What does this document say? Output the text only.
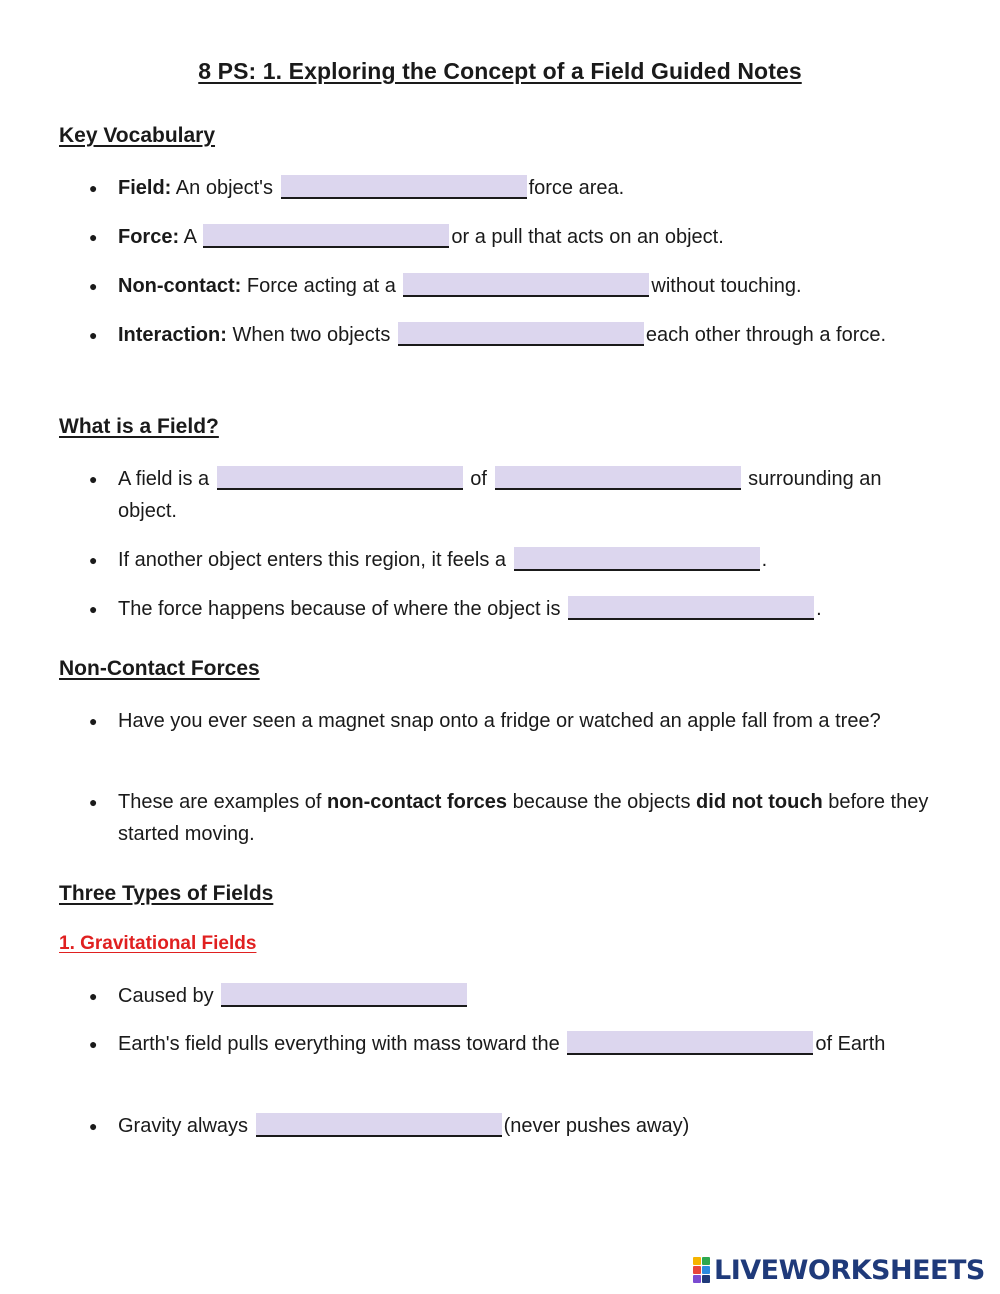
8 PS: 1. Exploring the Concept of a Field Guided Notes
Key Vocabulary
● Field: An object's	force area.
● Force: A	or a pull that acts on an object.
● Non-contact: Force acting at a	without touching.
● Interaction: When two objects	each other through a force.
What is a Field?
● A field is a	of	surrounding an object.
● If another object enters this region, it feels a	.
● The force happens because of where the object is	.
Non-Contact Forces
● Have you ever seen a magnet snap onto a fridge or watched an apple fall from a tree?
● These are examples of non-contact forces because the objects did not touch before they started moving.
Three Types of Fields
1. Gravitational Fields
● Caused by
● Earth's field pulls everything with mass toward the	of Earth
● Gravity always	(never pushes away)
LIVEWORKSHEETS
